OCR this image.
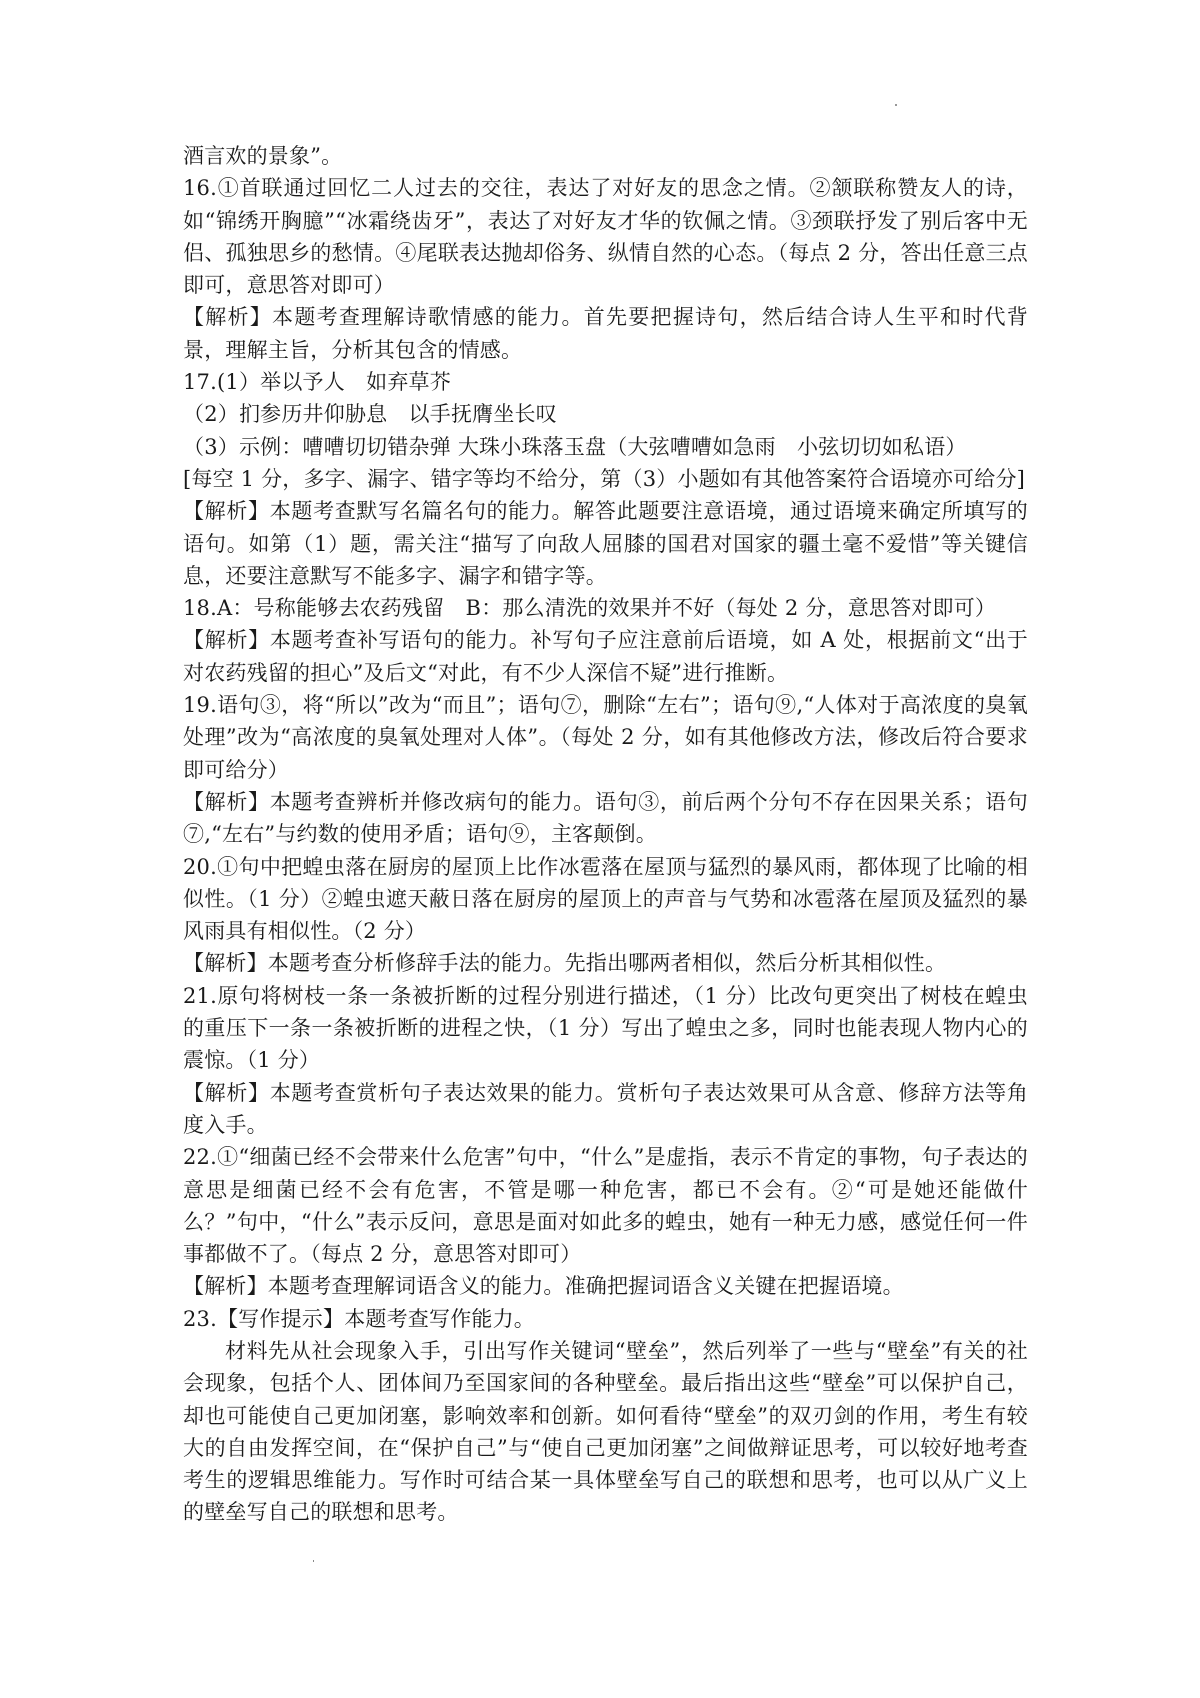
酒言欢的景象”。

16.①首联通过回忆二人过去的交往，表达了对好友的思念之情。②颔联称赞友人的诗，如“锦绣开胸臆”“冰霜绕齿牙”，表达了对好友才华的钦佩之情。③颈联抒发了别后客中无侣、孤独思乡的愁情。④尾联表达抛却俗务、纵情自然的心态。（每点 2 分，答出任意三点即可，意思答对即可）

【解析】本题考查理解诗歌情感的能力。首先要把握诗句，然后结合诗人生平和时代背景，理解主旨，分析其包含的情感。

17.(1）举以予人　如弃草芥

（2）扪参历井仰胁息　以手抚膺坐长叹

（3）示例：嘈嘈切切错杂弹 大珠小珠落玉盘（大弦嘈嘈如急雨　小弦切切如私语）

[每空 1 分，多字、漏字、错字等均不给分，第（3）小题如有其他答案符合语境亦可给分]

【解析】本题考查默写名篇名句的能力。解答此题要注意语境，通过语境来确定所填写的语句。如第（1）题，需关注“描写了向敌人屈膝的国君对国家的疆土毫不爱惜”等关键信息，还要注意默写不能多字、漏字和错字等。

18.A：号称能够去农药残留　B：那么清洗的效果并不好（每处 2 分，意思答对即可）

【解析】本题考查补写语句的能力。补写句子应注意前后语境，如 A 处，根据前文“出于对农药残留的担心”及后文“对此，有不少人深信不疑”进行推断。

19.语句③，将“所以”改为“而且”；语句⑦，删除“左右”；语句⑨,“人体对于高浓度的臭氧处理”改为“高浓度的臭氧处理对人体”。（每处 2 分，如有其他修改方法，修改后符合要求即可给分）

【解析】本题考查辨析并修改病句的能力。语句③，前后两个分句不存在因果关系；语句⑦,“左右”与约数的使用矛盾；语句⑨，主客颠倒。

20.①句中把蝗虫落在厨房的屋顶上比作冰雹落在屋顶与猛烈的暴风雨，都体现了比喻的相似性。（1 分）②蝗虫遮天蔽日落在厨房的屋顶上的声音与气势和冰雹落在屋顶及猛烈的暴风雨具有相似性。（2 分）

【解析】本题考查分析修辞手法的能力。先指出哪两者相似，然后分析其相似性。

21.原句将树枝一条一条被折断的过程分别进行描述，（1 分）比改句更突出了树枝在蝗虫的重压下一条一条被折断的进程之快，（1 分）写出了蝗虫之多，同时也能表现人物内心的震惊。（1 分）

【解析】本题考查赏析句子表达效果的能力。赏析句子表达效果可从含意、修辞方法等角度入手。

22.①“细菌已经不会带来什么危害”句中，“什么”是虚指，表示不肯定的事物，句子表达的意思是细菌已经不会有危害，不管是哪一种危害，都已不会有。②“可是她还能做什么？”句中，“什么”表示反问，意思是面对如此多的蝗虫，她有一种无力感，感觉任何一件事都做不了。（每点 2 分，意思答对即可）

【解析】本题考查理解词语含义的能力。准确把握词语含义关键在把握语境。

23.【写作提示】本题考查写作能力。

材料先从社会现象入手，引出写作关键词“壁垒”，然后列举了一些与“壁垒”有关的社会现象，包括个人、团体间乃至国家间的各种壁垒。最后指出这些“壁垒”可以保护自己，却也可能使自己更加闭塞，影响效率和创新。如何看待“壁垒”的双刃剑的作用，考生有较大的自由发挥空间，在“保护自己”与“使自己更加闭塞”之间做辩证思考，可以较好地考查考生的逻辑思维能力。写作时可结合某一具体壁垒写自己的联想和思考，也可以从广义上的壁垒写自己的联想和思考。
